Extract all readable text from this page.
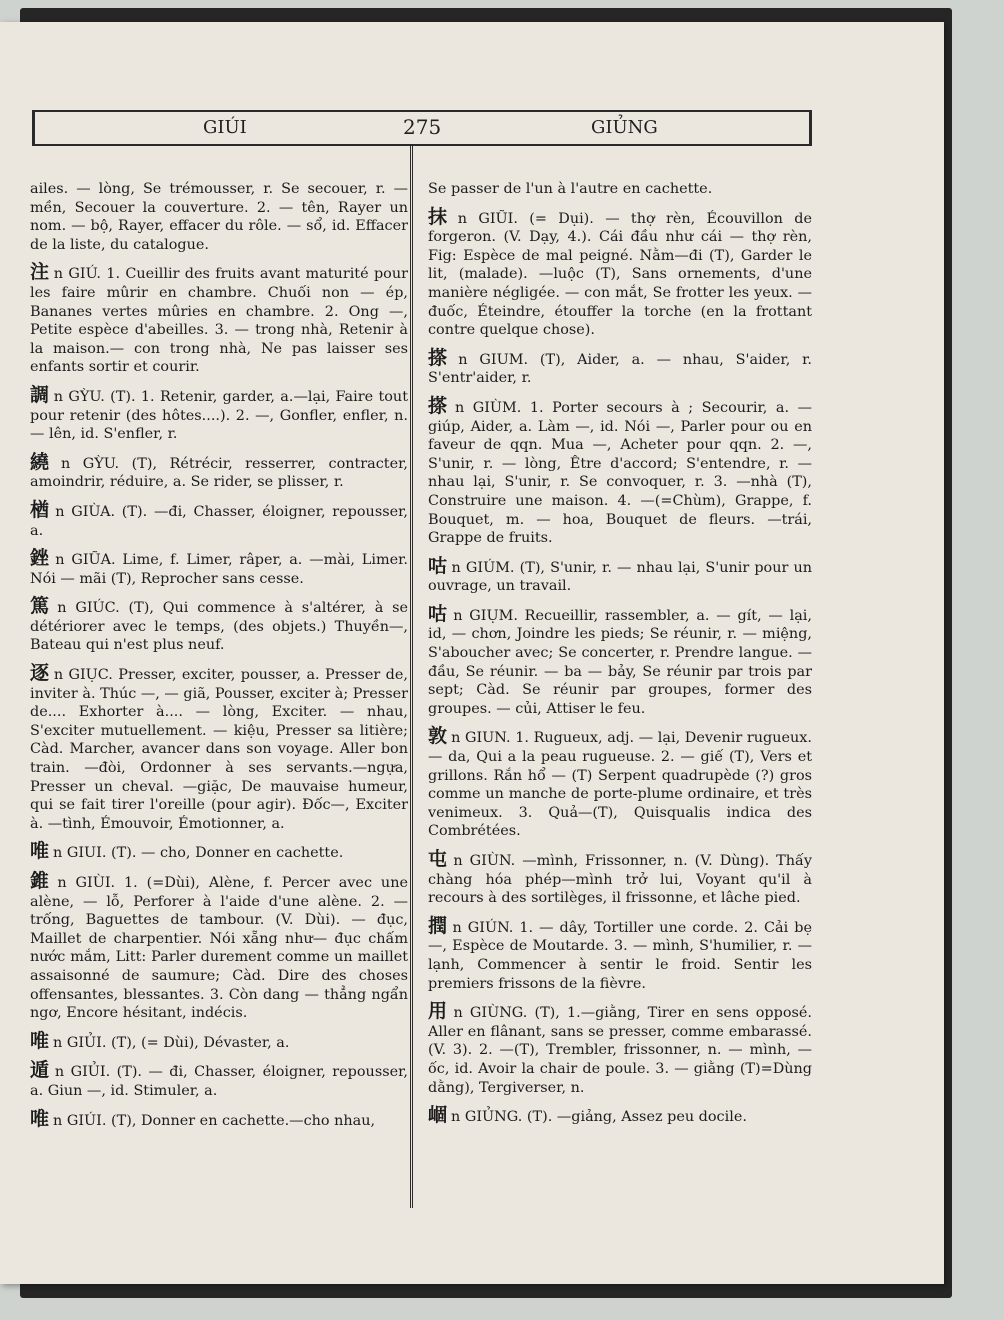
GIÚI	275	GIỦNG

ailes. — lòng, Se trémousser, r. Se secouer, r. — mền, Secouer la couverture. 2. — tên, Rayer un nom. — bộ, Rayer, effacer du rôle. — sổ, id. Effacer de la liste, du catalogue.

注 n GIÚ. 1. Cueillir des fruits avant maturité pour les faire mûrir en chambre. Chuối non — ép, Bananes vertes mûries en chambre. 2. Ong —, Petite espèce d'abeilles. 3. — trong nhà, Retenir à la maison.— con trong nhà, Ne pas laisser ses enfants sortir et courir.

調 n GỲU. (T). 1. Retenir, garder, a.—lại, Faire tout pour retenir (des hôtes....). 2. —, Gonfler, enfler, n. — lên, id. S'enfler, r.

繞 n GỲU. (T), Rétrécir, resserrer, contracter, amoindrir, réduire, a. Se rider, se plisser, r.

楢 n GIÙA. (T). —đi, Chasser, éloigner, repousser, a.

銼 n GIŨA. Lime, f. Limer, râper, a. —mài, Limer. Nói — mãi (T), Reprocher sans cesse.

篤 n GIÚC. (T), Qui commence à s'altérer, à se détériorer avec le temps, (des objets.) Thuyền—, Bateau qui n'est plus neuf.

逐 n GIỤC. Presser, exciter, pousser, a. Presser de, inviter à. Thúc —, — giã, Pousser, exciter à; Presser de.... Exhorter à.... — lòng, Exciter. — nhau, S'exciter mutuellement. — kiệu, Presser sa litière; Càd. Marcher, avancer dans son voyage. Aller bon train. —đòi, Ordonner à ses servants.—ngựa, Presser un cheval. —giặc, De mauvaise humeur, qui se fait tirer l'oreille (pour agir). Đốc—, Exciter à. —tình, Émouvoir, Émotionner, a.

唯 n GIUI. (T). — cho, Donner en cachette.

錐 n GIÙI. 1. (=Dùi), Alène, f. Percer avec une alène, — lỗ, Perforer à l'aide d'une alène. 2. — trống, Baguettes de tambour. (V. Dùi). — đục, Maillet de charpentier. Nói xẵng như— đục chấm nước mắm, Litt: Parler durement comme un maillet assaisonné de saumure; Càd. Dire des choses offensantes, blessantes. 3. Còn dang — thẳng ngẩn ngơ, Encore hésitant, indécis.

唯 n GIỦI. (T), (= Dùi), Dévaster, a.

遁 n GIỦI. (T). — đi, Chasser, éloigner, repousser, a. Giun —, id. Stimuler, a.

唯 n GIÚI. (T), Donner en cachette.—cho nhau,

Se passer de l'un à l'autre en cachette.

抹 n GIŨI. (= Dụi). — thợ rèn, Écouvillon de forgeron. (V. Dạy, 4.). Cái đầu như cái — thợ rèn, Fig: Espèce de mal peigné. Nằm—đi (T), Garder le lit, (malade). —luộc (T), Sans ornements, d'une manière négligée. — con mắt, Se frotter les yeux. — đuốc, Éteindre, étouffer la torche (en la frottant contre quelque chose).

搽 n GIUM. (T), Aider, a. — nhau, S'aider, r. S'entr'aider, r.

搽 n GIÙM. 1. Porter secours à ; Secourir, a. — giúp, Aider, a. Làm —, id. Nói —, Parler pour ou en faveur de qqn. Mua —, Acheter pour qqn. 2. —, S'unir, r. — lòng, Être d'accord; S'entendre, r. — nhau lại, S'unir, r. Se convoquer, r. 3. —nhà (T), Construire une maison. 4. —(=Chùm), Grappe, f. Bouquet, m. — hoa, Bouquet de fleurs. —trái, Grappe de fruits.

咕 n GIÚM. (T), S'unir, r. — nhau lại, S'unir pour un ouvrage, un travail.

咕 n GIỤM. Recueillir, rassembler, a. — gít, — lại, id, — chơn, Joindre les pieds; Se réunir, r. — miệng, S'aboucher avec; Se concerter, r. Prendre langue. — đầu, Se réunir. — ba — bảy, Se réunir par trois par sept; Càd. Se réunir par groupes, former des groupes. — củi, Attiser le feu.

敦 n GIUN. 1. Rugueux, adj. — lại, Devenir rugueux. — da, Qui a la peau rugueuse. 2. — giế (T), Vers et grillons. Rắn hổ — (T) Serpent quadrupède (?) gros comme un manche de porte-plume ordinaire, et très venimeux. 3. Quả—(T), Quisqualis indica des Combrétées.

屯 n GIÙN. —mình, Frissonner, n. (V. Dùng). Thấy chàng hóa phép—mình trở lui, Voyant qu'il à recours à des sortilèges, il frissonne, et lâche pied.

撋 n GIÚN. 1. — dây, Tortiller une corde. 2. Cải bẹ —, Espèce de Moutarde. 3. — mình, S'humilier, r. — lạnh, Commencer à sentir le froid. Sentir les premiers frissons de la fièvre.

用 n GIÙNG. (T), 1.—giằng, Tirer en sens opposé. Aller en flânant, sans se presser, comme embarassé. (V. 3). 2. —(T), Trembler, frissonner, n. — mình, — ốc, id. Avoir la chair de poule. 3. — giằng (T)=Dùng dằng), Tergiverser, n.

崓 n GIỦNG. (T). —giảng, Assez peu docile.
